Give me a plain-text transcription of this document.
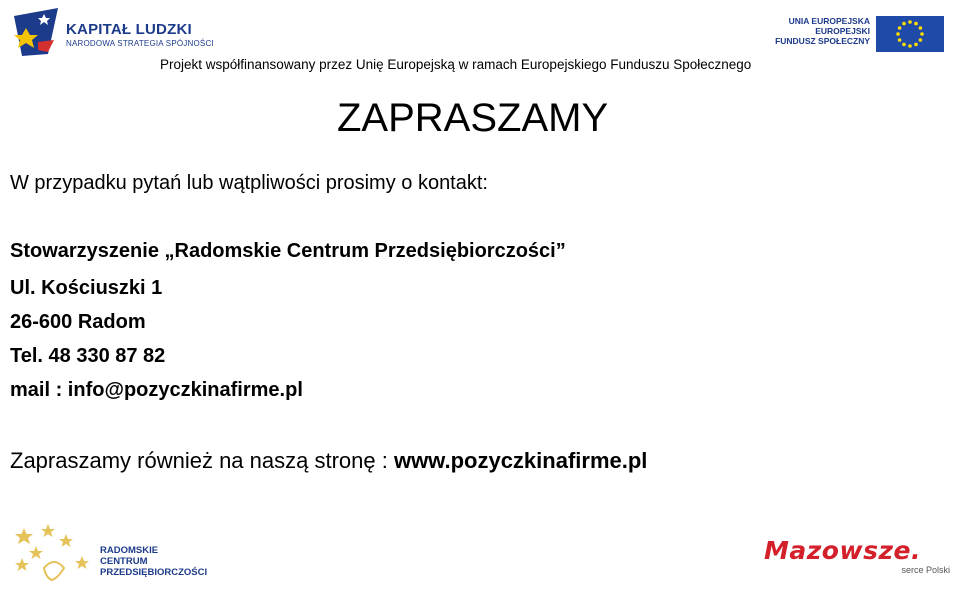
KAPITAŁ LUDZKI
NARODOWA STRATEGIA SPÓJNOŚCI
UNIA EUROPEJSKA
EUROPEJSKI
FUNDUSZ SPOŁECZNY
Projekt współfinansowany przez Unię Europejską w ramach Europejskiego Funduszu Społecznego
ZAPRASZAMY
W przypadku pytań lub wątpliwości prosimy o kontakt:
Stowarzyszenie „Radomskie Centrum Przedsiębiorczości”
Ul. Kościuszki 1
26-600 Radom
Tel. 48 330 87 82
mail : info@pozyczkinafirme.pl
Zapraszamy również na naszą stronę : www.pozyczkinafirme.pl
RADOMSKIE
CENTRUM
PRZEDSIĘBIORCZOŚCI
Mazowsze.
serce Polski
